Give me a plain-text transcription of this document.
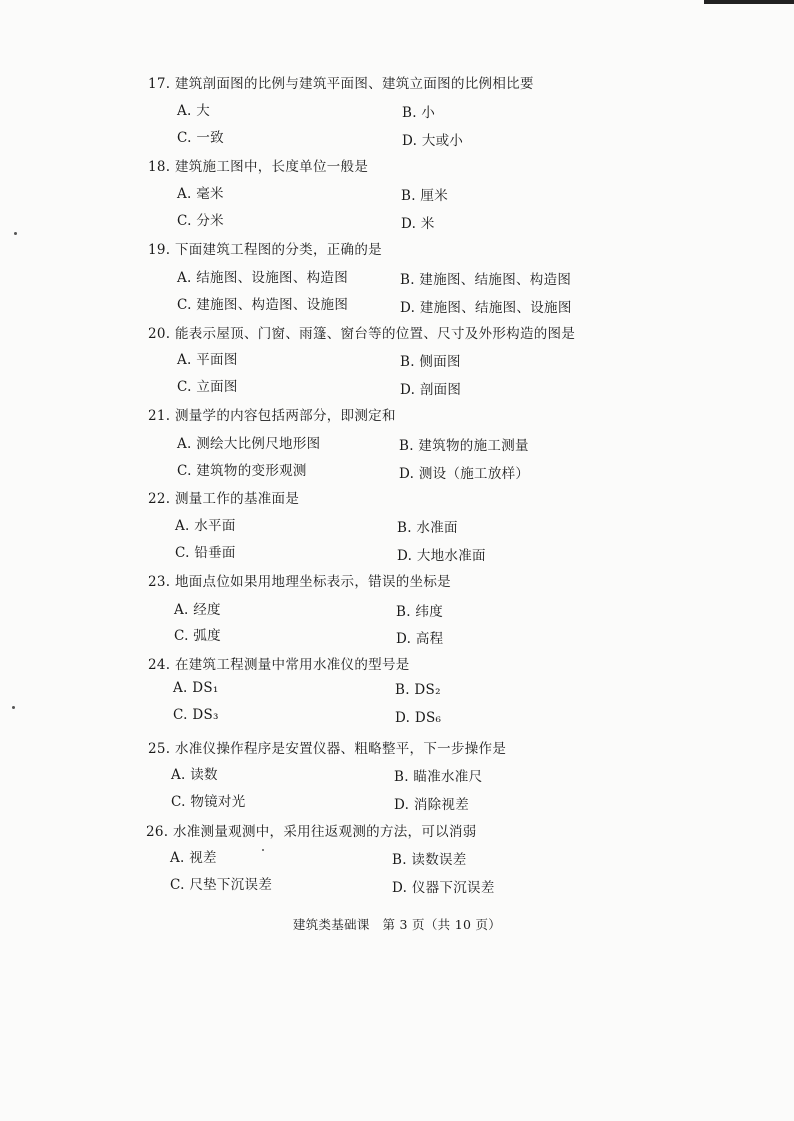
17. 建筑剖面图的比例与建筑平面图、建筑立面图的比例相比要
A. 大	B. 小
C. 一致	D. 大或小
18. 建筑施工图中，长度单位一般是
A. 毫米	B. 厘米
C. 分米	D. 米
19. 下面建筑工程图的分类，正确的是
A. 结施图、设施图、构造图	B. 建施图、结施图、构造图
C. 建施图、构造图、设施图	D. 建施图、结施图、设施图
20. 能表示屋顶、门窗、雨篷、窗台等的位置、尺寸及外形构造的图是
A. 平面图	B. 侧面图
C. 立面图	D. 剖面图
21. 测量学的内容包括两部分，即测定和
A. 测绘大比例尺地形图	B. 建筑物的施工测量
C. 建筑物的变形观测	D. 测设（施工放样）
22. 测量工作的基准面是
A. 水平面	B. 水准面
C. 铅垂面	D. 大地水准面
23. 地面点位如果用地理坐标表示，错误的坐标是
A. 经度	B. 纬度
C. 弧度	D. 高程
24. 在建筑工程测量中常用水准仪的型号是
A. DS₁	B. DS₂
C. DS₃	D. DS₆
25. 水准仪操作程序是安置仪器、粗略整平，下一步操作是
A. 读数	B. 瞄准水准尺
C. 物镜对光	D. 消除视差
26. 水准测量观测中，采用往返观测的方法，可以消弱
A. 视差	B. 读数误差
C. 尺垫下沉误差	D. 仪器下沉误差
建筑类基础课　第 3 页（共 10 页）
